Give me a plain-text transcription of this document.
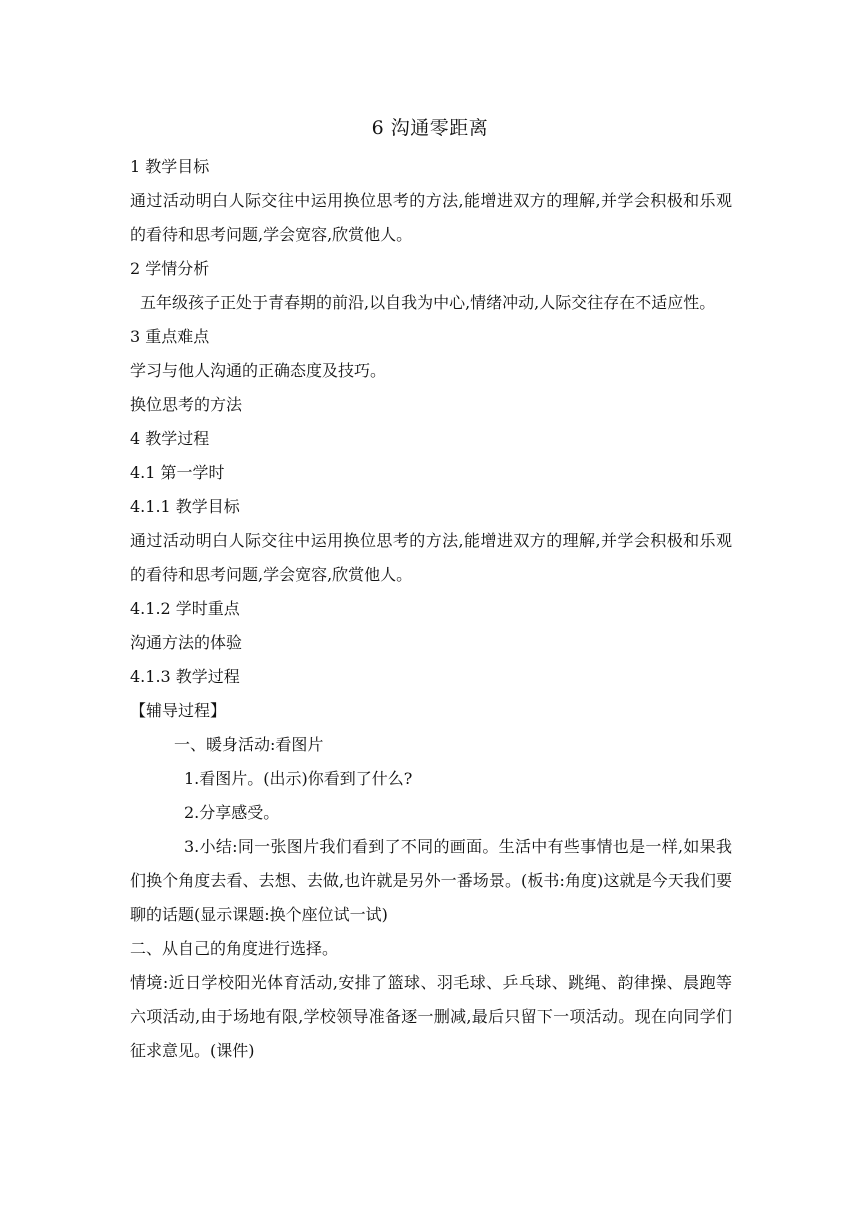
6 沟通零距离
1 教学目标
通过活动明白人际交往中运用换位思考的方法,能增进双方的理解,并学会积极和乐观的看待和思考问题,学会宽容,欣赏他人。
2 学情分析
五年级孩子正处于青春期的前沿,以自我为中心,情绪冲动,人际交往存在不适应性。
3 重点难点
学习与他人沟通的正确态度及技巧。
换位思考的方法
4 教学过程
4.1 第一学时
4.1.1 教学目标
通过活动明白人际交往中运用换位思考的方法,能增进双方的理解,并学会积极和乐观的看待和思考问题,学会宽容,欣赏他人。
4.1.2 学时重点
沟通方法的体验
4.1.3 教学过程
【辅导过程】
一、暖身活动:看图片
1.看图片。(出示)你看到了什么?
2.分享感受。
3.小结:同一张图片我们看到了不同的画面。生活中有些事情也是一样,如果我们换个角度去看、去想、去做,也许就是另外一番场景。(板书:角度)这就是今天我们要聊的话题(显示课题:换个座位试一试)
二、从自己的角度进行选择。
情境:近日学校阳光体育活动,安排了篮球、羽毛球、乒乓球、跳绳、韵律操、晨跑等六项活动,由于场地有限,学校领导准备逐一删减,最后只留下一项活动。现在向同学们征求意见。(课件)
